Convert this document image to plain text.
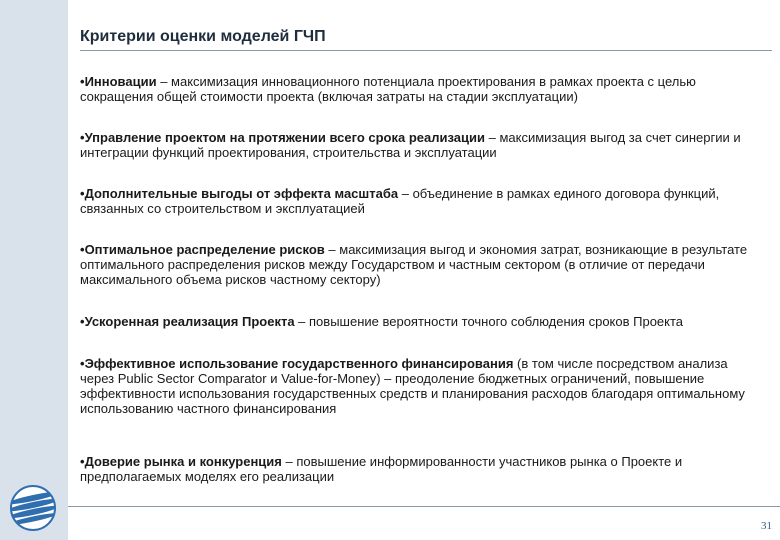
Критерии оценки моделей ГЧП
•Инновации – максимизация инновационного потенциала проектирования в рамках проекта с целью сокращения общей стоимости проекта (включая затраты на стадии эксплуатации)
•Управление проектом на протяжении всего срока реализации – максимизация выгод за счет синергии и интеграции функций проектирования, строительства и эксплуатации
•Дополнительные выгоды от эффекта масштаба – объединение в рамках единого договора функций, связанных со строительством и эксплуатацией
•Оптимальное распределение рисков – максимизация выгод и экономия затрат, возникающие в результате оптимального распределения рисков между Государством и частным сектором (в отличие от передачи максимального объема рисков частному сектору)
•Ускоренная реализация Проекта – повышение вероятности точного соблюдения сроков Проекта
•Эффективное использование государственного финансирования (в том числе посредством анализа через Public Sector Comparator и Value-for-Money) – преодоление бюджетных ограничений, повышение эффективности использования государственных средств и планирования расходов благодаря оптимальному использованию частного финансирования
•Доверие рынка и конкуренция – повышение информированности участников рынка о Проекте и предполагаемых моделях его реализации
31
